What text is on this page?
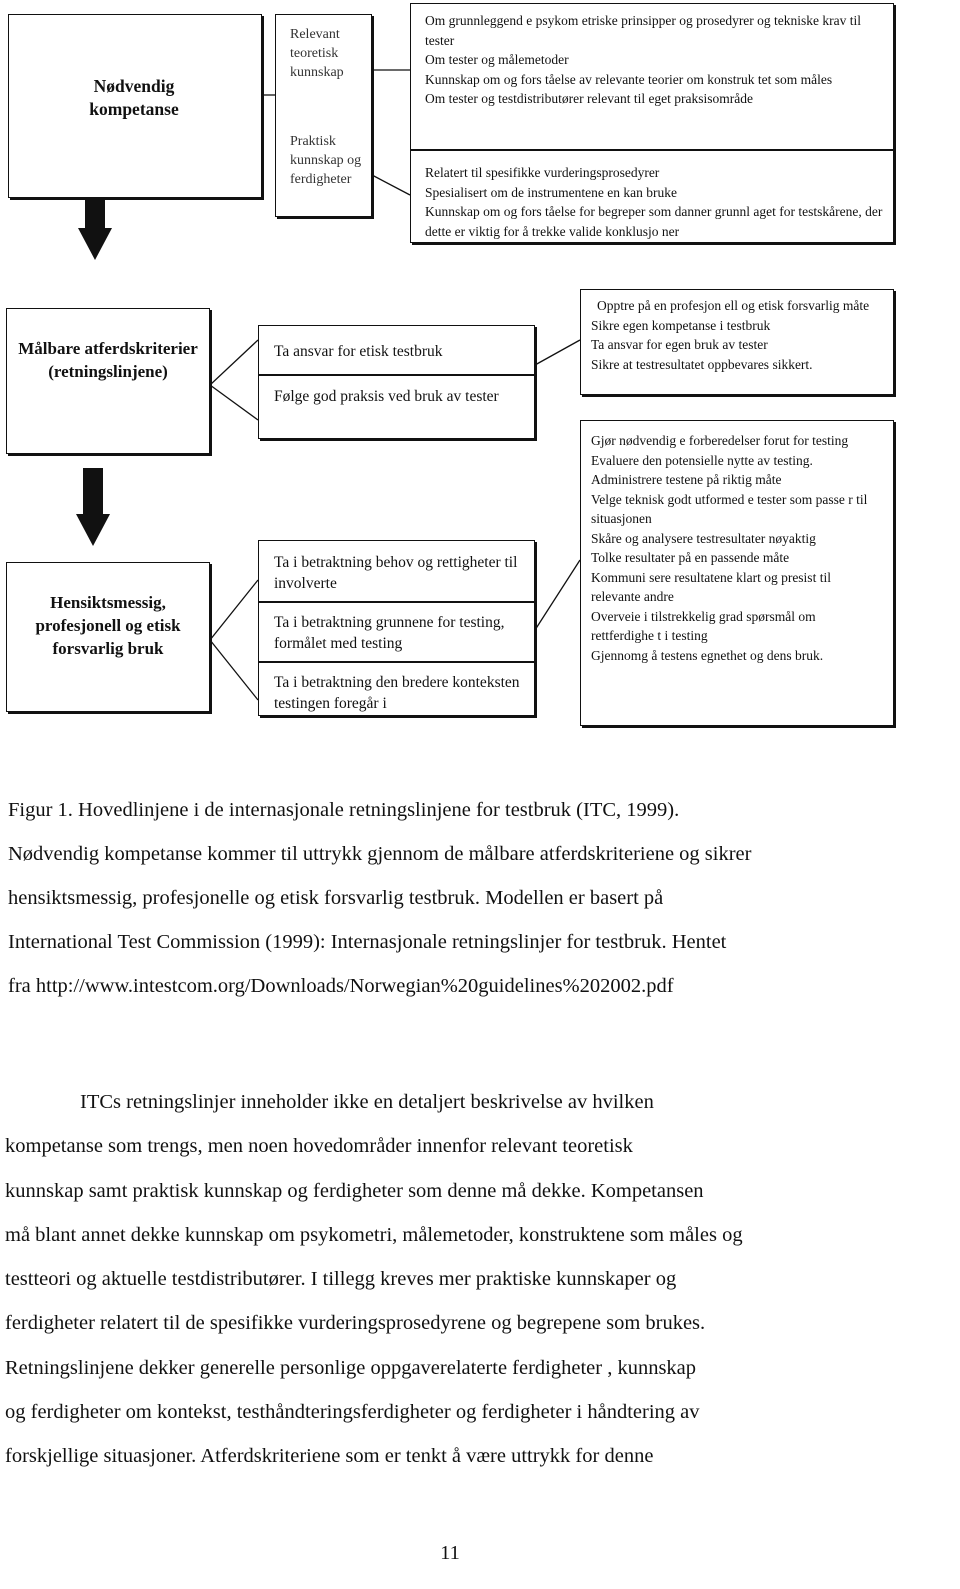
Nødvendig kompetanse
Relevant teoretisk kunnskap
Praktisk kunnskap og ferdigheter
Om grunnleggend e psykom etriske prinsipper og prosedyrer og tekniske krav til tester
Om tester og målemetoder
Kunnskap om og fors tåelse av relevante teorier om konstruk tet som måles
Om tester og testdistributører relevant til eget praksisområde
Relatert til spesifikke vurderingsprosedyrer
Spesialisert om de instrumentene en kan bruke
Kunnskap om og fors tåelse for begreper som danner grunnl aget for testskårene, der dette er viktig for å trekke valide konklusjo ner
Målbare atferdskriterier (retningslinjene)
Hensiktsmessig, profesjonell og etisk forsvarlig bruk
Ta ansvar for etisk testbruk
Følge god praksis ved bruk av tester
Ta i betraktning behov og rettigheter til involverte
Ta i betraktning grunnene for testing, formålet med testing
Ta i betraktning den bredere konteksten testingen foregår i
Opptre på en profesjon ell og etisk forsvarlig måte
Sikre egen kompetanse i testbruk
Ta ansvar for egen bruk av tester
Sikre at testresultatet oppbevares sikkert.
Gjør nødvendig e forberedelser forut for testing
Evaluere den potensielle nytte av testing.
Administrere testene på riktig måte
Velge teknisk godt utformed e tester som passe r til situasjonen
Skåre og analysere testresultater nøyaktig
Tolke resultater på en passende måte
Kommuni sere resultatene klart og presist til relevante andre
Overveie i tilstrekkelig grad spørsmål om rettferdighe t i testing
Gjennomg å testens egnethet og dens bruk.
Figur 1. Hovedlinjene i de internasjonale retningslinjene for testbruk (ITC, 1999).
Nødvendig kompetanse kommer til uttrykk gjennom de målbare atferdskriteriene og sikrer
hensiktsmessig, profesjonelle og etisk forsvarlig testbruk. Modellen er basert på
International Test Commission (1999): Internasjonale retningslinjer for testbruk. Hentet
fra http://www.intestcom.org/Downloads/Norwegian%20guidelines%202002.pdf
ITCs retningslinjer inneholder ikke en detaljert beskrivelse av hvilken
kompetanse som trengs, men noen hovedområder innenfor relevant teoretisk
kunnskap samt praktisk kunnskap og ferdigheter som denne må dekke. Kompetansen
må blant annet dekke kunnskap om psykometri, målemetoder, konstruktene som måles og
testteori og aktuelle testdistributører. I tillegg kreves mer praktiske kunnskaper og
ferdigheter relatert til de spesifikke vurderingsprosedyrene og begrepene som brukes.
Retningslinjene dekker generelle personlige oppgaverelaterte ferdigheter , kunnskap
og ferdigheter om kontekst, testhåndteringsferdigheter og ferdigheter i håndtering av
forskjellige situasjoner. Atferdskriteriene som er tenkt å være uttrykk for denne
11
